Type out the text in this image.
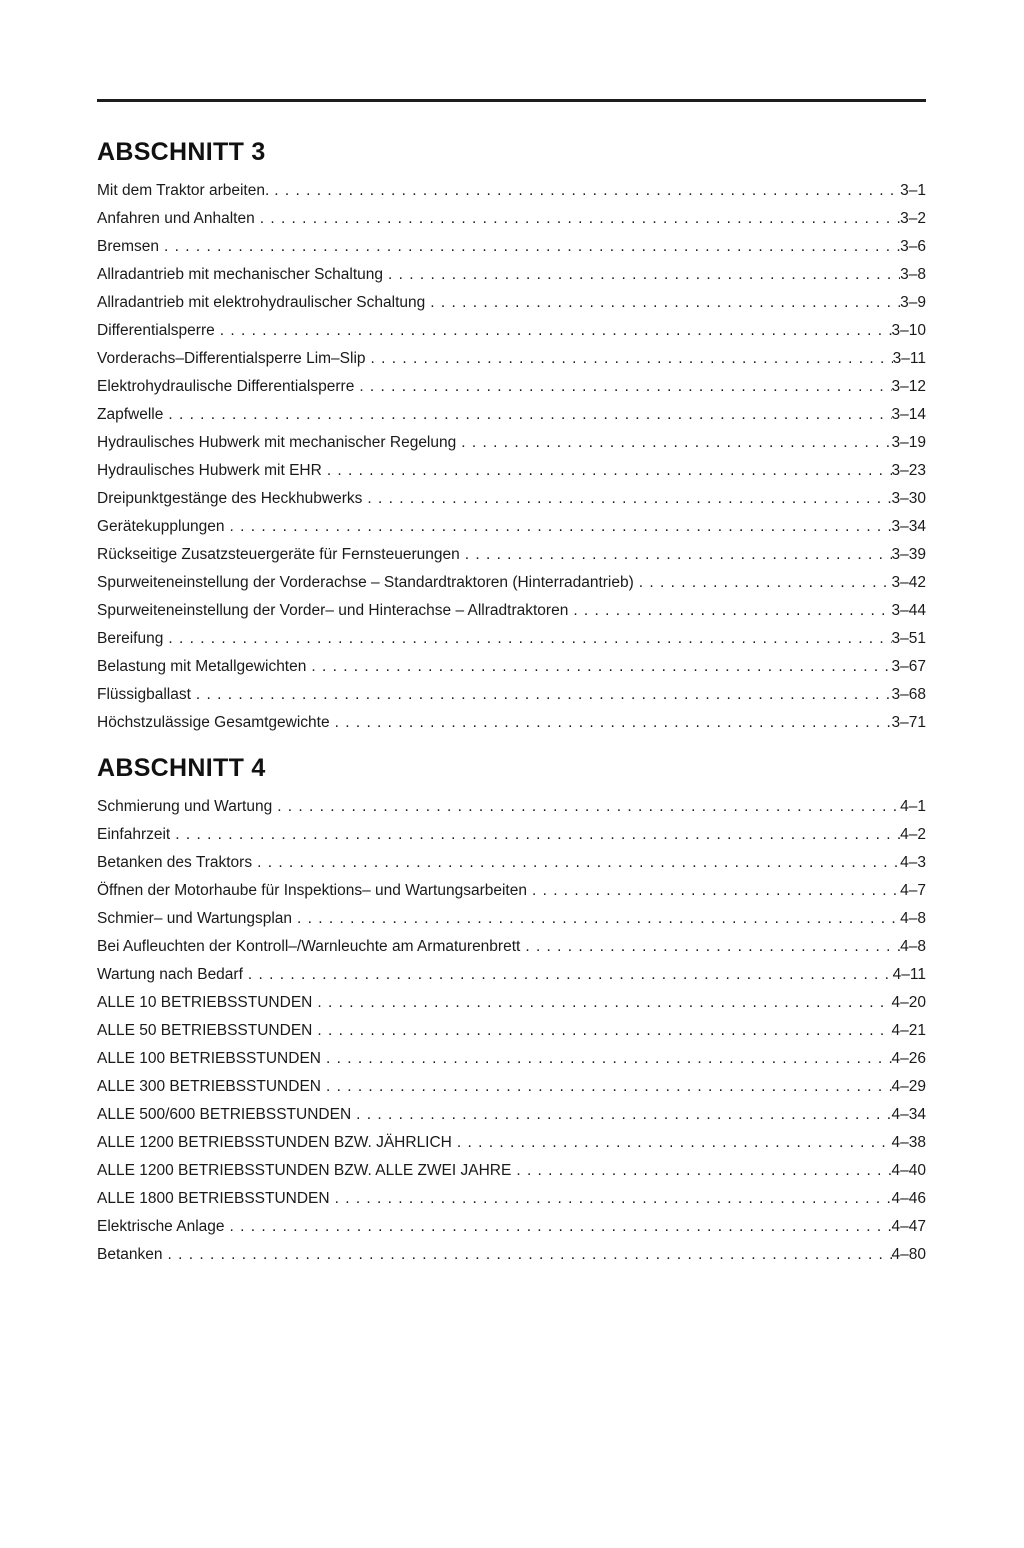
ABSCHNITT 3
Mit dem Traktor arbeiten. . . .	3–1
Anfahren und Anhalten . . .	3–2
Bremsen . . .	3–6
Allradantrieb mit mechanischer Schaltung . . .	3–8
Allradantrieb mit elektrohydraulischer Schaltung . . .	3–9
Differentialsperre . . .	3–10
Vorderachs–Differentialsperre Lim–Slip . . .	3–11
Elektrohydraulische Differentialsperre . . .	3–12
Zapfwelle . . .	3–14
Hydraulisches Hubwerk mit mechanischer Regelung . . .	3–19
Hydraulisches Hubwerk mit EHR . . .	3–23
Dreipunktgestänge des Heckhubwerks . . .	3–30
Gerätekupplungen . . .	3–34
Rückseitige Zusatzsteuergeräte für Fernsteuerungen . . .	3–39
Spurweiteneinstellung der Vorderachse – Standardtraktoren (Hinterradantrieb) . . .	3–42
Spurweiteneinstellung der Vorder– und Hinterachse – Allradtraktoren . . .	3–44
Bereifung . . .	3–51
Belastung mit Metallgewichten . . .	3–67
Flüssigballast . . .	3–68
Höchstzulässige Gesamtgewichte . . .	3–71
ABSCHNITT 4
Schmierung und Wartung . . .	4–1
Einfahrzeit . . .	4–2
Betanken des Traktors . . .	4–3
Öffnen der Motorhaube für Inspektions– und Wartungsarbeiten . . .	4–7
Schmier– und Wartungsplan . . .	4–8
Bei Aufleuchten der Kontroll–/Warnleuchte am Armaturenbrett . . .	4–8
Wartung nach Bedarf . . .	4–11
ALLE 10 BETRIEBSSTUNDEN . . .	4–20
ALLE 50 BETRIEBSSTUNDEN . . .	4–21
ALLE 100 BETRIEBSSTUNDEN . . .	4–26
ALLE 300 BETRIEBSSTUNDEN . . .	4–29
ALLE 500/600 BETRIEBSSTUNDEN . . .	4–34
ALLE 1200 BETRIEBSSTUNDEN BZW. JÄHRLICH . . .	4–38
ALLE 1200 BETRIEBSSTUNDEN BZW. ALLE ZWEI JAHRE . . .	4–40
ALLE 1800 BETRIEBSSTUNDEN . . .	4–46
Elektrische Anlage . . .	4–47
Betanken . . .	4–80
